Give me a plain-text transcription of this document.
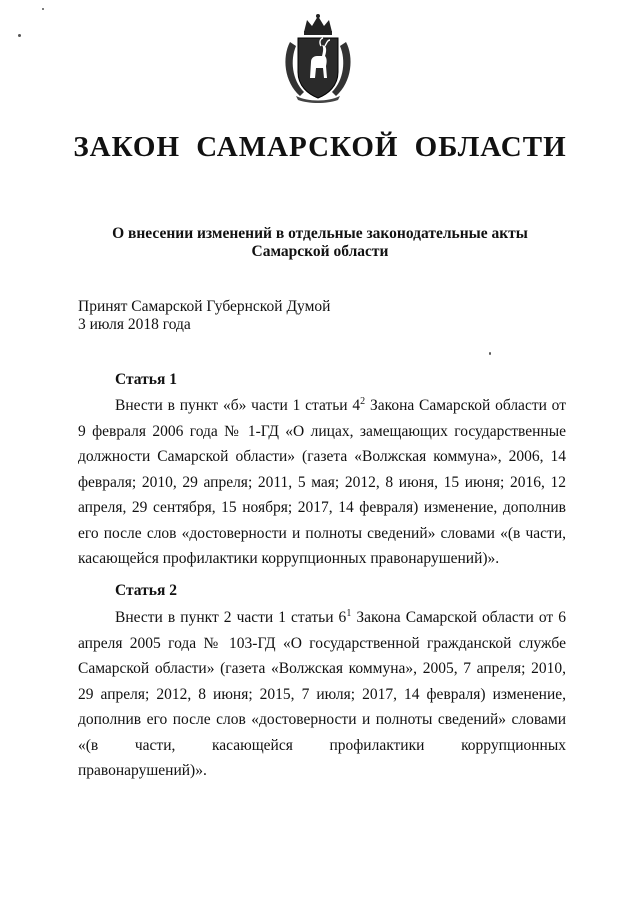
ЗАКОН САМАРСКОЙ ОБЛАСТИ
О внесении изменений в отдельные законодательные акты
Самарской области
Принят Самарской Губернской Думой
3 июля 2018 года
Статья 1

Внести в пункт «б» части 1 статьи $4^2$ Закона Самарской области от 9 февраля 2006 года № 1-ГД «О лицах, замещающих государственные должности Самарской области» (газета «Волжская коммуна», 2006, 14 февраля; 2010, 29 апреля; 2011, 5 мая; 2012, 8 июня, 15 июня; 2016, 12 апреля, 29 сентября, 15 ноября; 2017, 14 февраля) изменение, дополнив его после слов «достоверности и полноты сведений» словами «(в части, касающейся профилактики коррупционных правонарушений)».

Статья 2

Внести в пункт 2 части 1 статьи $6^1$ Закона Самарской области от 6 апреля 2005 года № 103-ГД «О государственной гражданской службе Самарской области» (газета «Волжская коммуна», 2005, 7 апреля; 2010, 29 апреля; 2012, 8 июня; 2015, 7 июля; 2017, 14 февраля) изменение, дополнив его после слов «достоверности и полноты сведений» словами «(в части, касающейся профилактики коррупционных правонарушений)».
